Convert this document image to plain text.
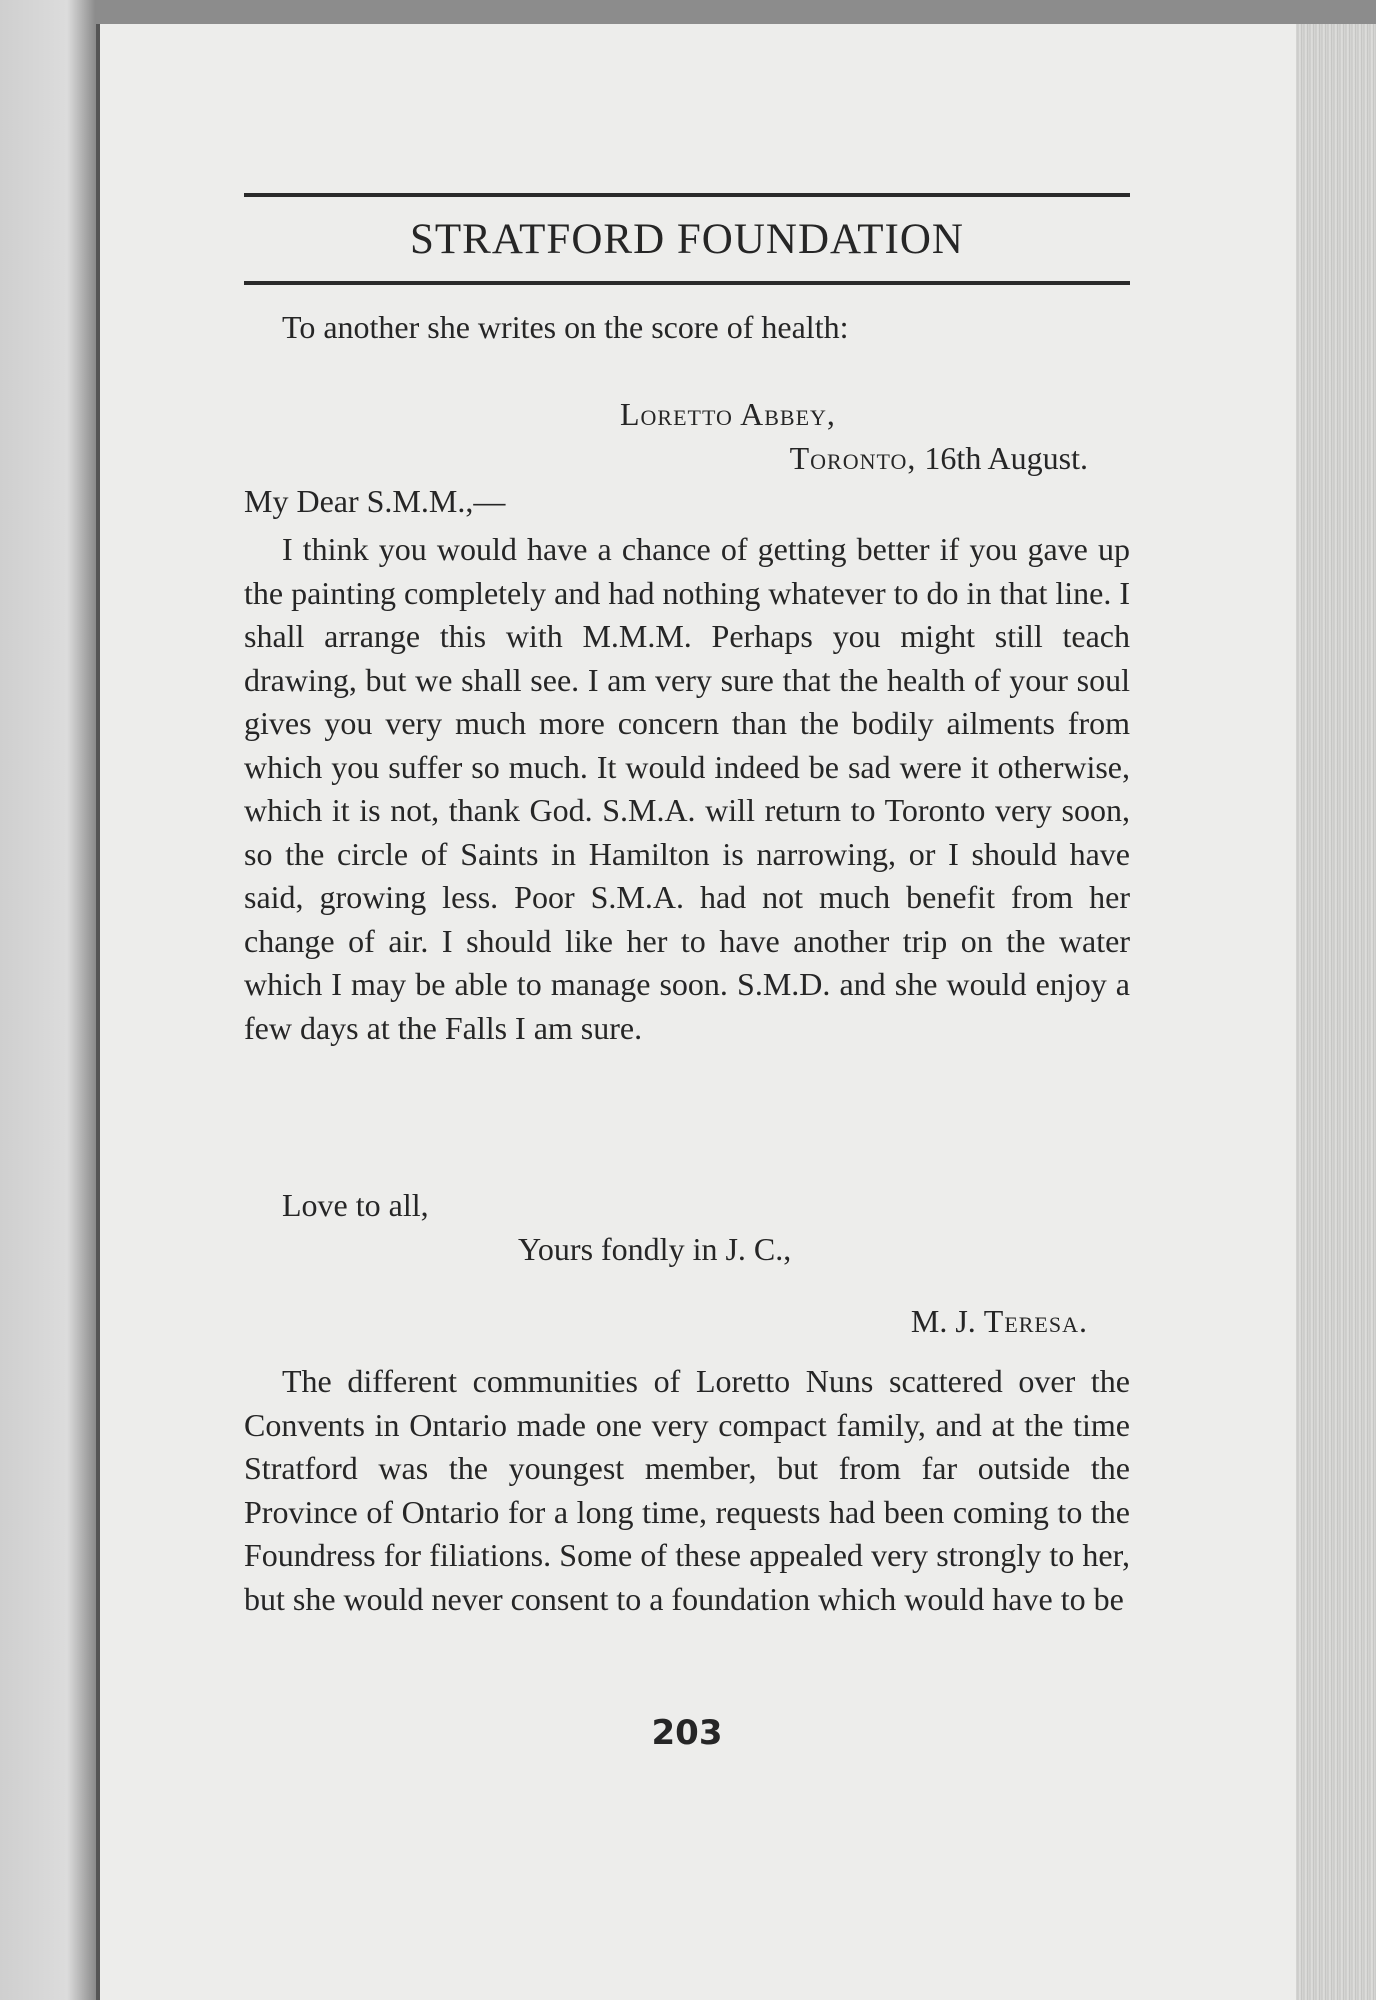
STRATFORD FOUNDATION
To another she writes on the score of health:
Loretto Abbey,
Toronto, 16th August.
My Dear S.M.M.,—
I think you would have a chance of getting better if you gave up the painting completely and had nothing whatever to do in that line. I shall arrange this with M.M.M. Perhaps you might still teach drawing, but we shall see. I am very sure that the health of your soul gives you very much more concern than the bodily ailments from which you suffer so much. It would indeed be sad were it otherwise, which it is not, thank God. S.M.A. will return to Toronto very soon, so the circle of Saints in Hamilton is narrowing, or I should have said, growing less. Poor S.M.A. had not much benefit from her change of air. I should like her to have another trip on the water which I may be able to manage soon. S.M.D. and she would enjoy a few days at the Falls I am sure.
Love to all,
Yours fondly in J. C.,
M. J. Teresa.
The different communities of Loretto Nuns scattered over the Convents in Ontario made one very compact family, and at the time Stratford was the youngest member, but from far outside the Province of Ontario for a long time, requests had been coming to the Foundress for filiations. Some of these appealed very strongly to her, but she would never consent to a foundation which would have to be
203
